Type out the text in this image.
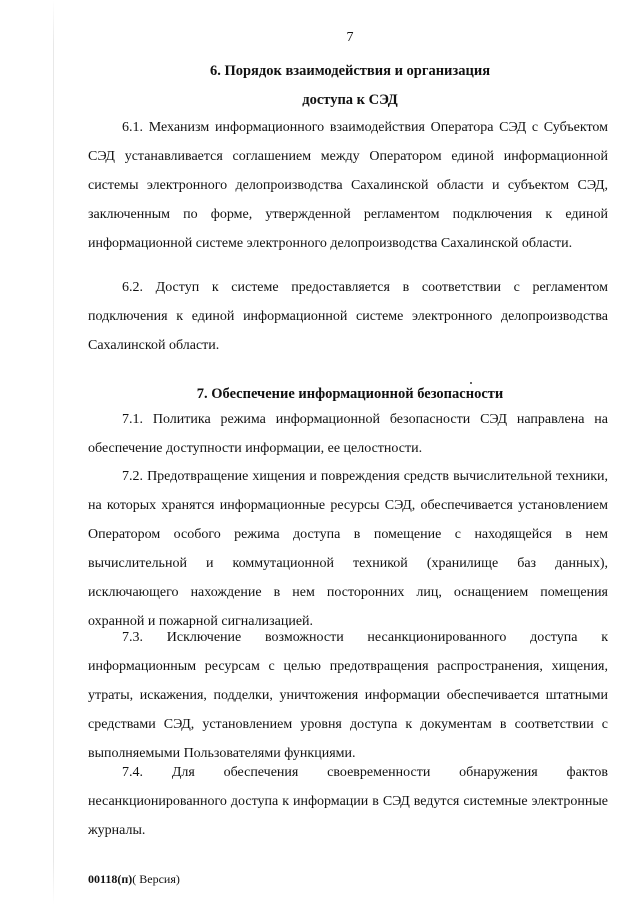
7
6. Порядок взаимодействия и организация
доступа к СЭД

6.1. Механизм информационного взаимодействия Оператора СЭД с Субъектом СЭД устанавливается соглашением между Оператором единой информационной системы электронного делопроизводства Сахалинской области и субъектом СЭД, заключенным по форме, утвержденной регламентом подключения к единой информационной системе электронного делопроизводства Сахалинской области.

6.2. Доступ к системе предоставляется в соответствии с регламентом подключения к единой информационной системе электронного делопроизводства Сахалинской области.

7. Обеспечение информационной безопасности

7.1. Политика режима информационной безопасности СЭД направлена на обеспечение доступности информации, ее целостности.

7.2. Предотвращение хищения и повреждения средств вычислительной техники, на которых хранятся информационные ресурсы СЭД, обеспечивается установлением Оператором особого режима доступа в помещение с находящейся в нем вычислительной и коммутационной техникой (хранилище баз данных), исключающего нахождение в нем посторонних лиц, оснащением помещения охранной и пожарной сигнализацией.

7.3. Исключение возможности несанкционированного доступа к информационным ресурсам с целью предотвращения распространения, хищения, утраты, искажения, подделки, уничтожения информации обеспечивается штатными средствами СЭД, установлением уровня доступа к документам в соответствии с выполняемыми Пользователями функциями.

7.4. Для обеспечения своевременности обнаружения фактов несанкционированного доступа к информации в СЭД ведутся системные электронные журналы.

00118(п)( Версия)
